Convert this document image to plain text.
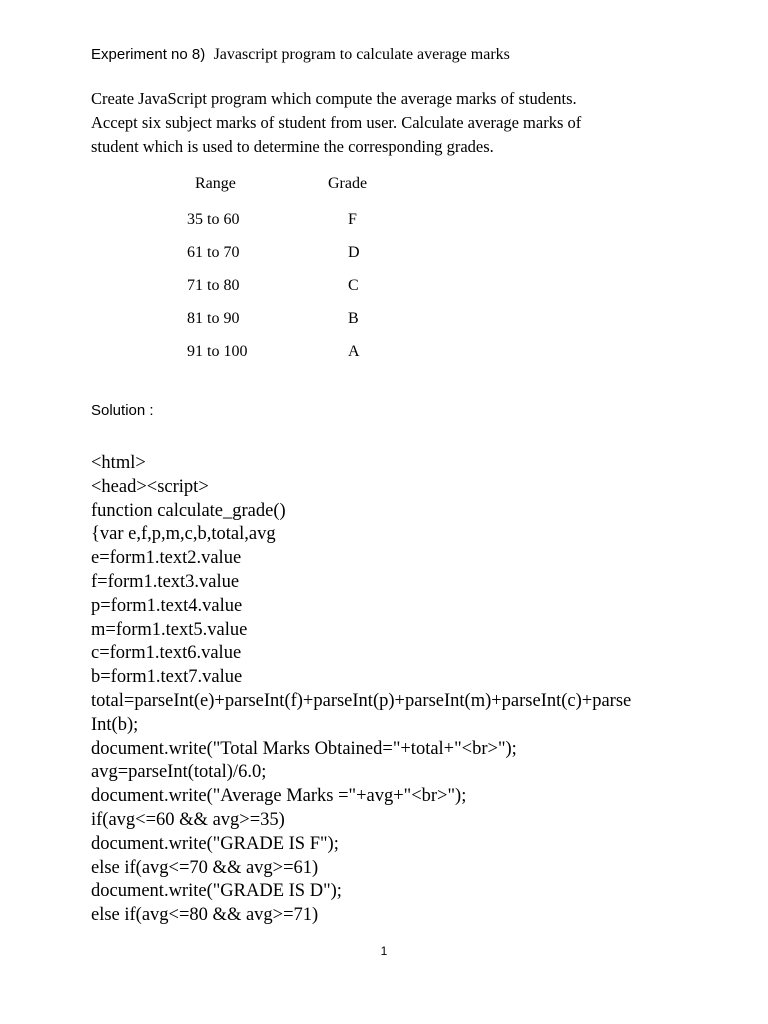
Experiment no 8) Javascript program to calculate average marks
Create JavaScript program which compute the average marks of students.
Accept six subject marks of student from user. Calculate average marks of
student which is used to determine the corresponding grades.
Range	Grade
35 to 60	F
61 to 70	D
71 to 80	C
81 to 90	B
91 to 100	A
Solution :
<html>
<head><script>
function calculate_grade()
{var e,f,p,m,c,b,total,avg
e=form1.text2.value
f=form1.text3.value
p=form1.text4.value
m=form1.text5.value
c=form1.text6.value
b=form1.text7.value
total=parseInt(e)+parseInt(f)+parseInt(p)+parseInt(m)+parseInt(c)+parse
Int(b);
document.write("Total Marks Obtained="+total+"<br>");
avg=parseInt(total)/6.0;
document.write("Average Marks ="+avg+"<br>");
if(avg<=60 && avg>=35)
document.write("GRADE IS F");
else if(avg<=70 && avg>=61)
document.write("GRADE IS D");
else if(avg<=80 && avg>=71)
1
